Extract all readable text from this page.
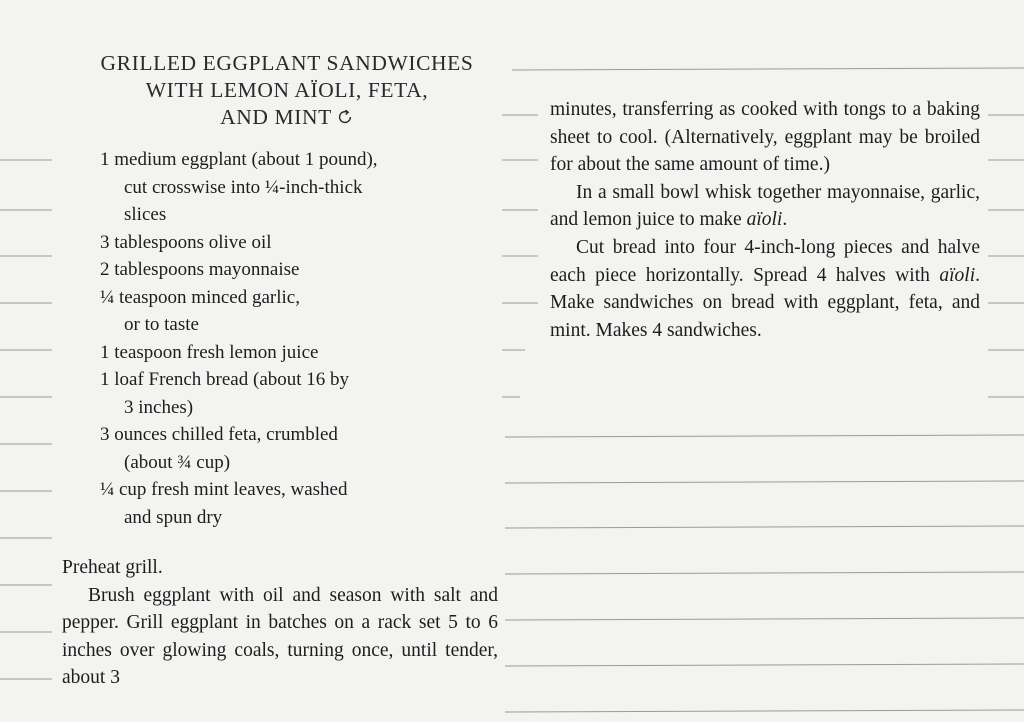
GRILLED EGGPLANT SANDWICHES
WITH LEMON AÏOLI, FETA,
AND MINT

1 medium eggplant (about 1 pound),
cut crosswise into ¼-inch-thick
slices

3 tablespoons olive oil

2 tablespoons mayonnaise

¼ teaspoon minced garlic,
or to taste

1 teaspoon fresh lemon juice

1 loaf French bread (about 16 by
3 inches)

3 ounces chilled feta, crumbled
(about ¾ cup)

¼ cup fresh mint leaves, washed
and spun dry

Preheat grill.

Brush eggplant with oil and season with salt and pepper. Grill eggplant in batches on a rack set 5 to 6 inches over glowing coals, turning once, until tender, about 3

minutes, transferring as cooked with tongs to a baking sheet to cool. (Alternatively, eggplant may be broiled for about the same amount of time.)

In a small bowl whisk together mayonnaise, garlic, and lemon juice to make aïoli.

Cut bread into four 4-inch-long pieces and halve each piece horizontally. Spread 4 halves with aïoli. Make sandwiches on bread with eggplant, feta, and mint. Makes 4 sandwiches.
